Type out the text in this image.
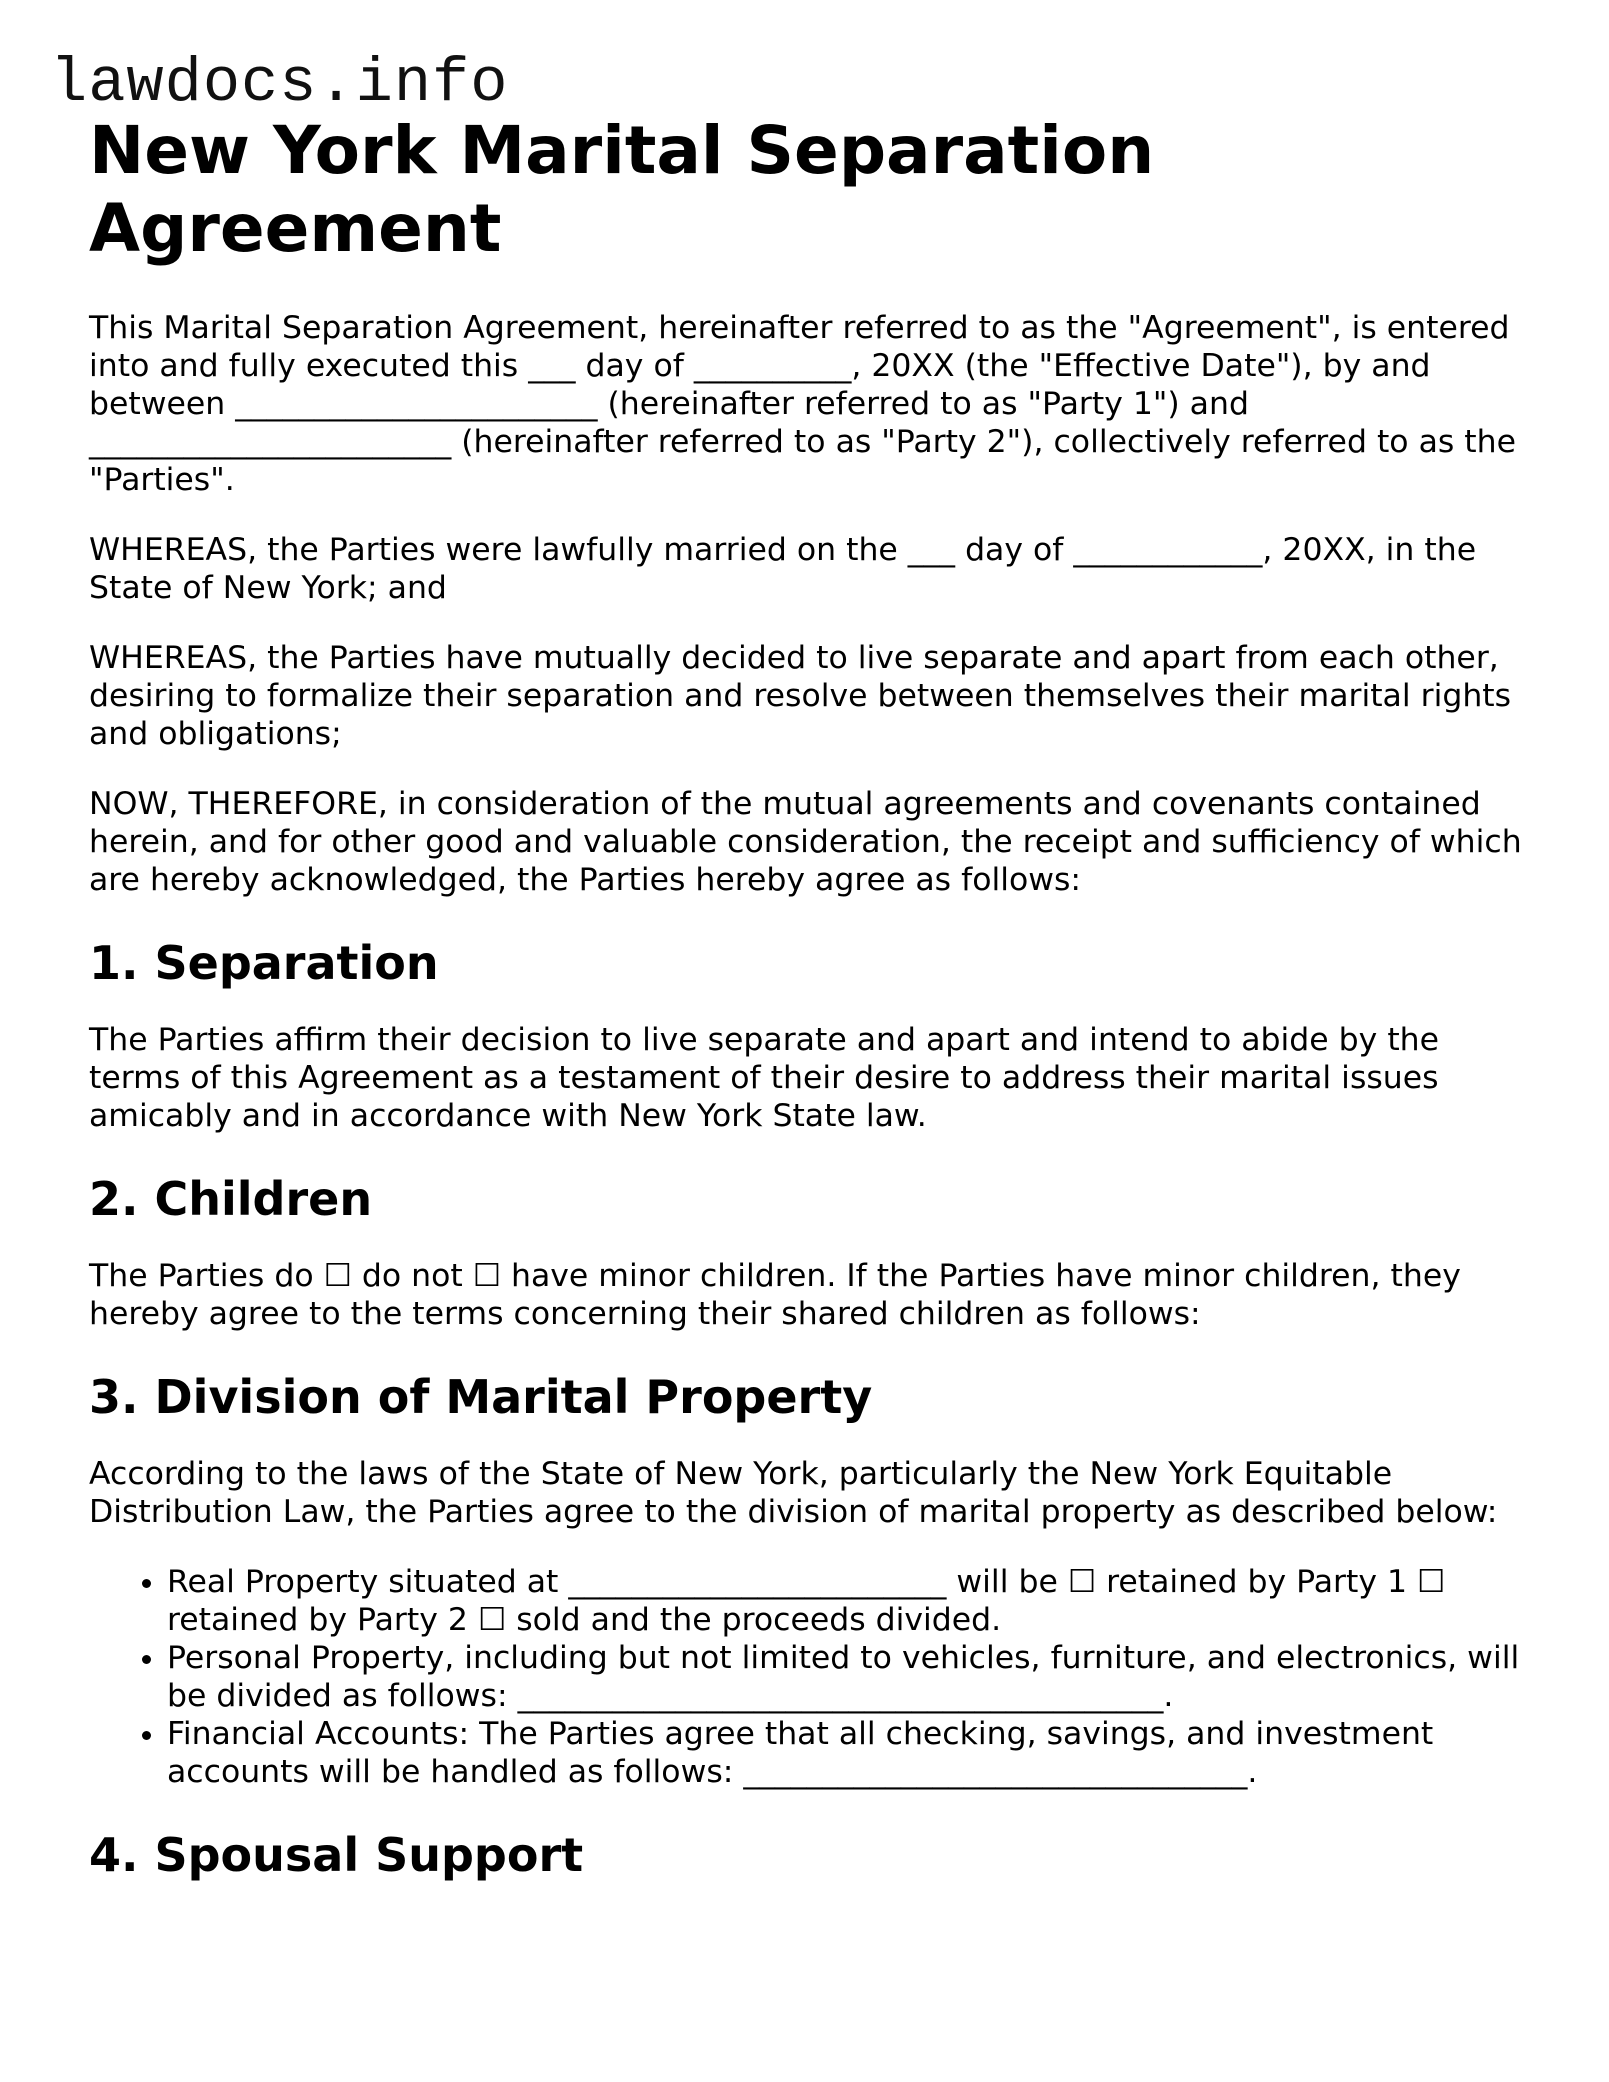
lawdocs.info
New York Marital Separation Agreement

This Marital Separation Agreement, hereinafter referred to as the "Agreement", is entered into and fully executed this ___ day of __________, 20XX (the "Effective Date"), by and between _______________________ (hereinafter referred to as "Party 1") and _______________________ (hereinafter referred to as "Party 2"), collectively referred to as the "Parties".

WHEREAS, the Parties were lawfully married on the ___ day of ____________, 20XX, in the State of New York; and

WHEREAS, the Parties have mutually decided to live separate and apart from each other, desiring to formalize their separation and resolve between themselves their marital rights and obligations;

NOW, THEREFORE, in consideration of the mutual agreements and covenants contained herein, and for other good and valuable consideration, the receipt and sufficiency of which are hereby acknowledged, the Parties hereby agree as follows:

1. Separation

The Parties affirm their decision to live separate and apart and intend to abide by the terms of this Agreement as a testament of their desire to address their marital issues amicably and in accordance with New York State law.

2. Children

The Parties do ☐ do not ☐ have minor children. If the Parties have minor children, they hereby agree to the terms concerning their shared children as follows:

3. Division of Marital Property

According to the laws of the State of New York, particularly the New York Equitable Distribution Law, the Parties agree to the division of marital property as described below:

• Real Property situated at ________________________ will be ☐ retained by Party 1 ☐ retained by Party 2 ☐ sold and the proceeds divided.
• Personal Property, including but not limited to vehicles, furniture, and electronics, will be divided as follows: _________________________________________.
• Financial Accounts: The Parties agree that all checking, savings, and investment accounts will be handled as follows: ________________________________.
4. Spousal Support
